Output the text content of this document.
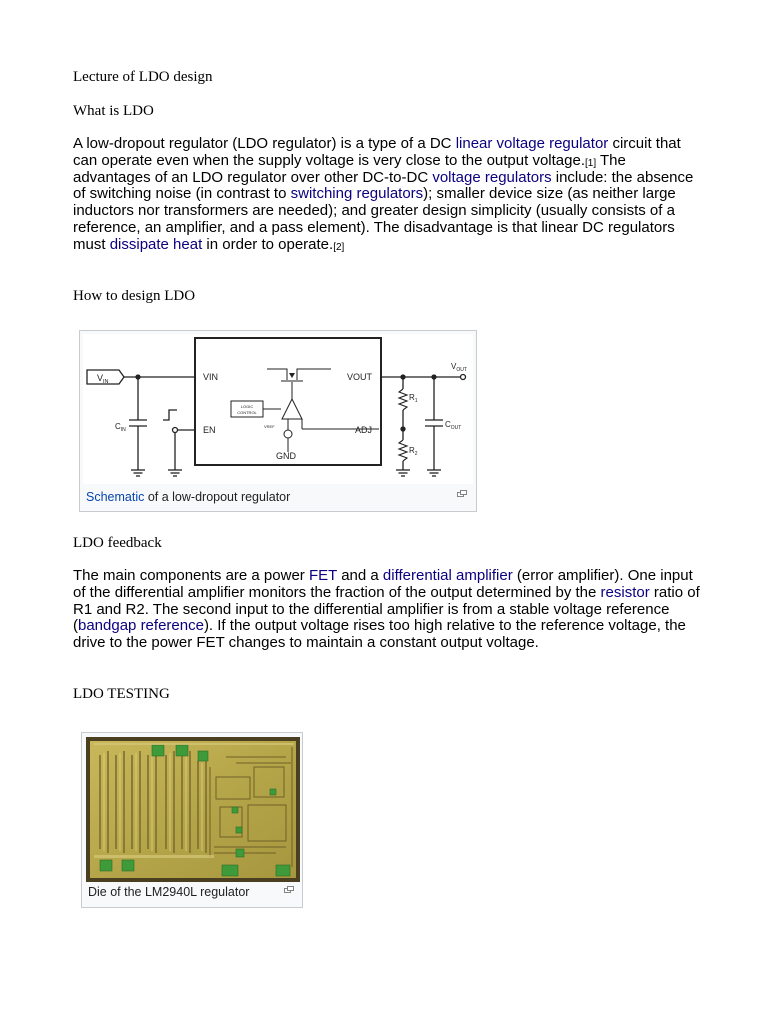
Lecture of LDO design

What is LDO

A low-dropout regulator (LDO regulator) is a type of a DC linear voltage regulator circuit that can operate even when the supply voltage is very close to the output voltage.[1] The advantages of an LDO regulator over other DC-to-DC voltage regulators include: the absence of switching noise (in contrast to switching regulators); smaller device size (as neither large inductors nor transformers are needed); and greater design simplicity (usually consists of a reference, an amplifier, and a pass element). The disadvantage is that linear DC regulators must dissipate heat in order to operate.[2]

How to design LDO

LDO feedback

The main components are a power FET and a differential amplifier (error amplifier). One input of the differential amplifier monitors the fraction of the output determined by the resistor ratio of R1 and R2. The second input to the differential amplifier is from a stable voltage reference (bandgap reference). If the output voltage rises too high relative to the reference voltage, the drive to the power FET changes to maintain a constant output voltage.

LDO TESTING

$V_{IN}$
$C_{IN}$
VIN
EN
VOUT
ADJ
GND
LOGIC
CONTROL
VREF
$V_{OUT}$
$R_1$
$R_2$
$C_{OUT}$
Schematic of a low-dropout regulator
Die of the LM2940L regulator
